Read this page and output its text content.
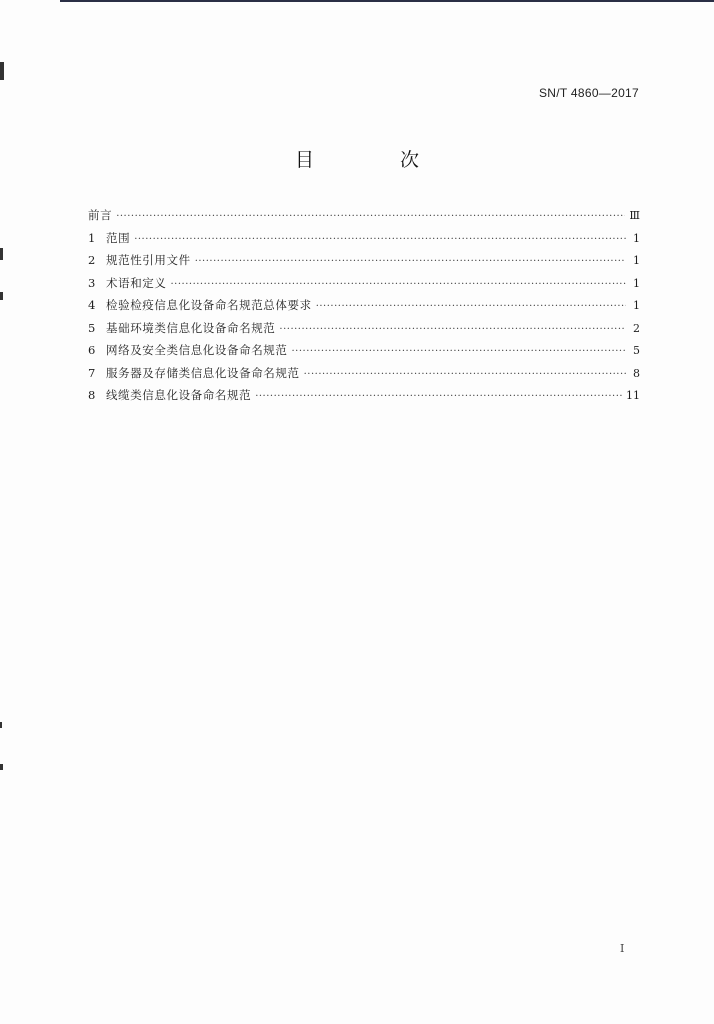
SN/T 4860—2017
目 次
前言 ·····	Ⅲ
1 范围 ·····	1
2 规范性引用文件 ·····	1
3 术语和定义 ·····	1
4 检验检疫信息化设备命名规范总体要求 ·····	1
5 基础环境类信息化设备命名规范 ·····	2
6 网络及安全类信息化设备命名规范 ·····	5
7 服务器及存储类信息化设备命名规范 ·····	8
8 线缆类信息化设备命名规范 ·····	11
I
